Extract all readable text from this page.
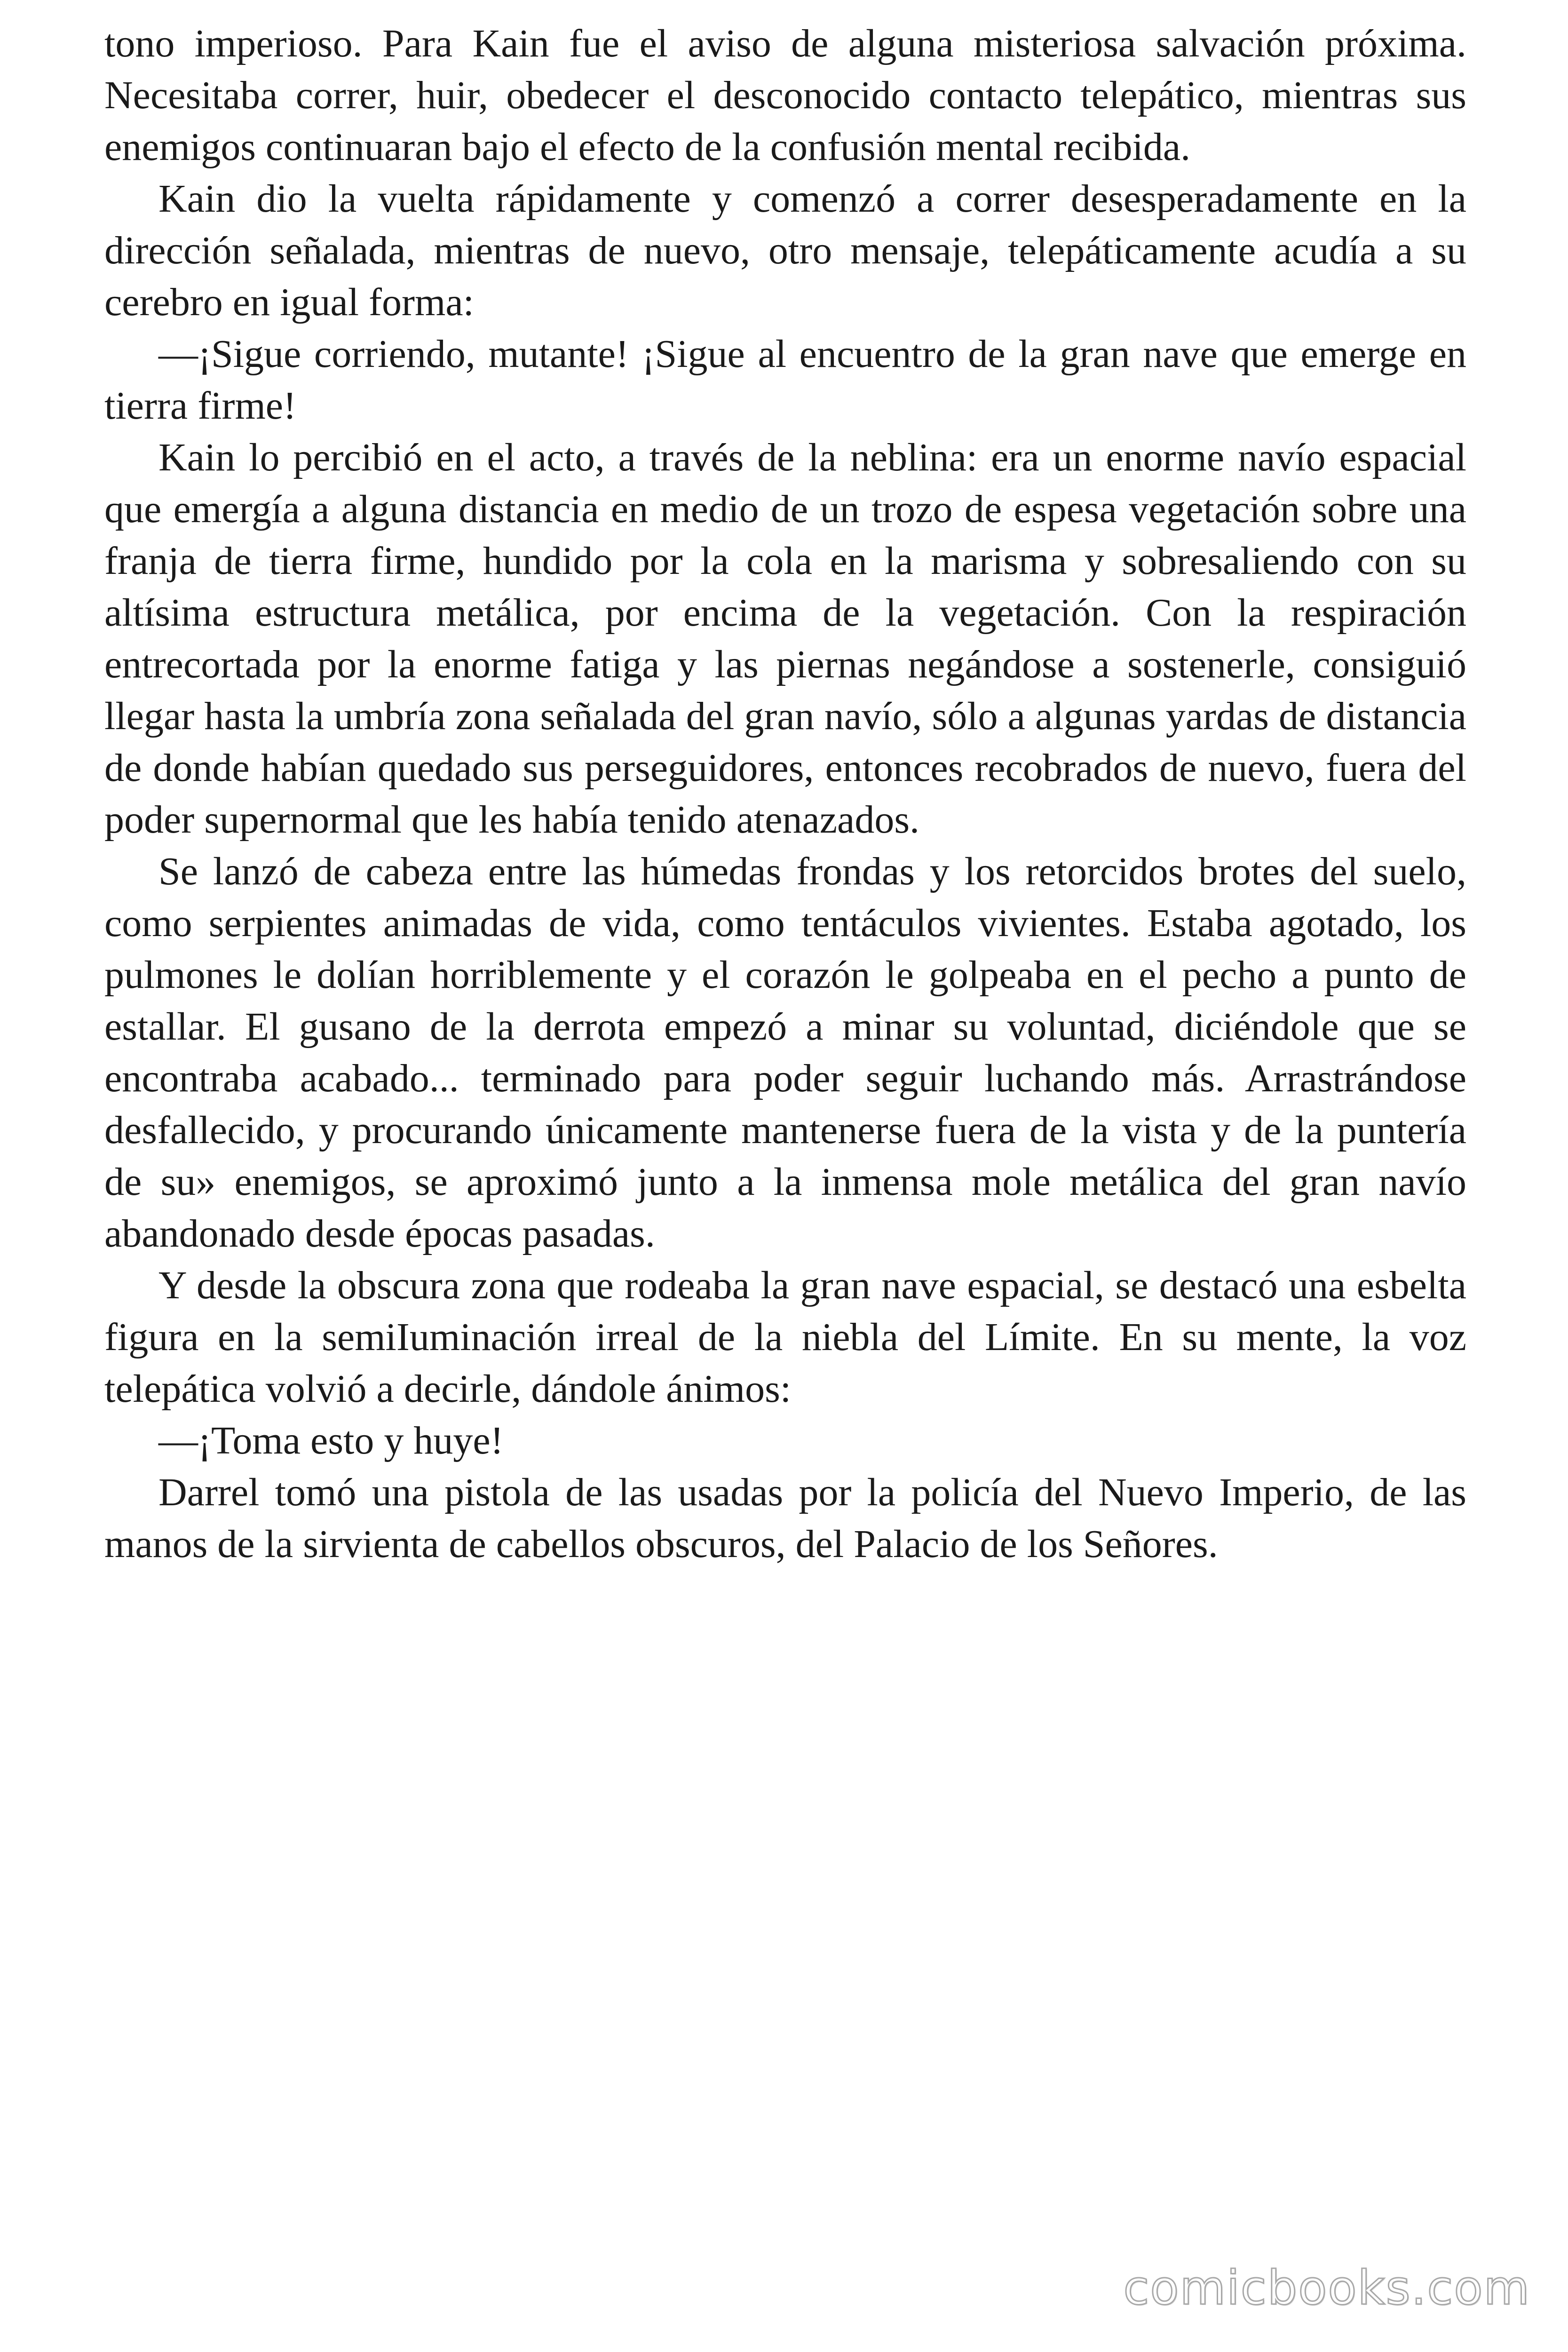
tono imperioso. Para Kain fue el aviso de alguna misteriosa salvación próxima. Necesitaba correr, huir, obedecer el desconocido contacto telepático, mientras sus enemigos continuaran bajo el efecto de la confusión mental recibida.

Kain dio la vuelta rápidamente y comenzó a correr desesperadamente en la dirección señalada, mientras de nuevo, otro mensaje, telepáticamente acudía a su cerebro en igual forma:

—¡Sigue corriendo, mutante! ¡Sigue al encuentro de la gran nave que emerge en tierra firme!

Kain lo percibió en el acto, a través de la neblina: era un enorme navío espacial que emergía a alguna distancia en medio de un trozo de espesa vegetación sobre una franja de tierra firme, hundido por la cola en la marisma y sobresaliendo con su altísima estructura metálica, por encima de la vegetación. Con la respiración entrecortada por la enorme fatiga y las piernas negándose a sostenerle, consiguió llegar hasta la umbría zona señalada del gran navío, sólo a algunas yardas de distancia de donde habían quedado sus perseguidores, entonces recobrados de nuevo, fuera del poder supernormal que les había tenido atenazados.

Se lanzó de cabeza entre las húmedas frondas y los retorcidos brotes del suelo, como serpientes animadas de vida, como tentáculos vivientes. Estaba agotado, los pulmones le dolían horriblemente y el corazón le golpeaba en el pecho a punto de estallar. El gusano de la derrota empezó a minar su voluntad, diciéndole que se encontraba acabado... terminado para poder seguir luchando más. Arrastrándose desfallecido, y procurando únicamente mantenerse fuera de la vista y de la puntería de su» enemigos, se aproximó junto a la inmensa mole metálica del gran navío abandonado desde épocas pasadas.

Y desde la obscura zona que rodeaba la gran nave espacial, se destacó una esbelta figura en la semiIuminación irreal de la niebla del Límite. En su mente, la voz telepática volvió a decirle, dándole ánimos:

—¡Toma esto y huye!

Darrel tomó una pistola de las usadas por la policía del Nuevo Imperio, de las manos de la sirvienta de cabellos obscuros, del Palacio de los Señores.

comicbooks.com
